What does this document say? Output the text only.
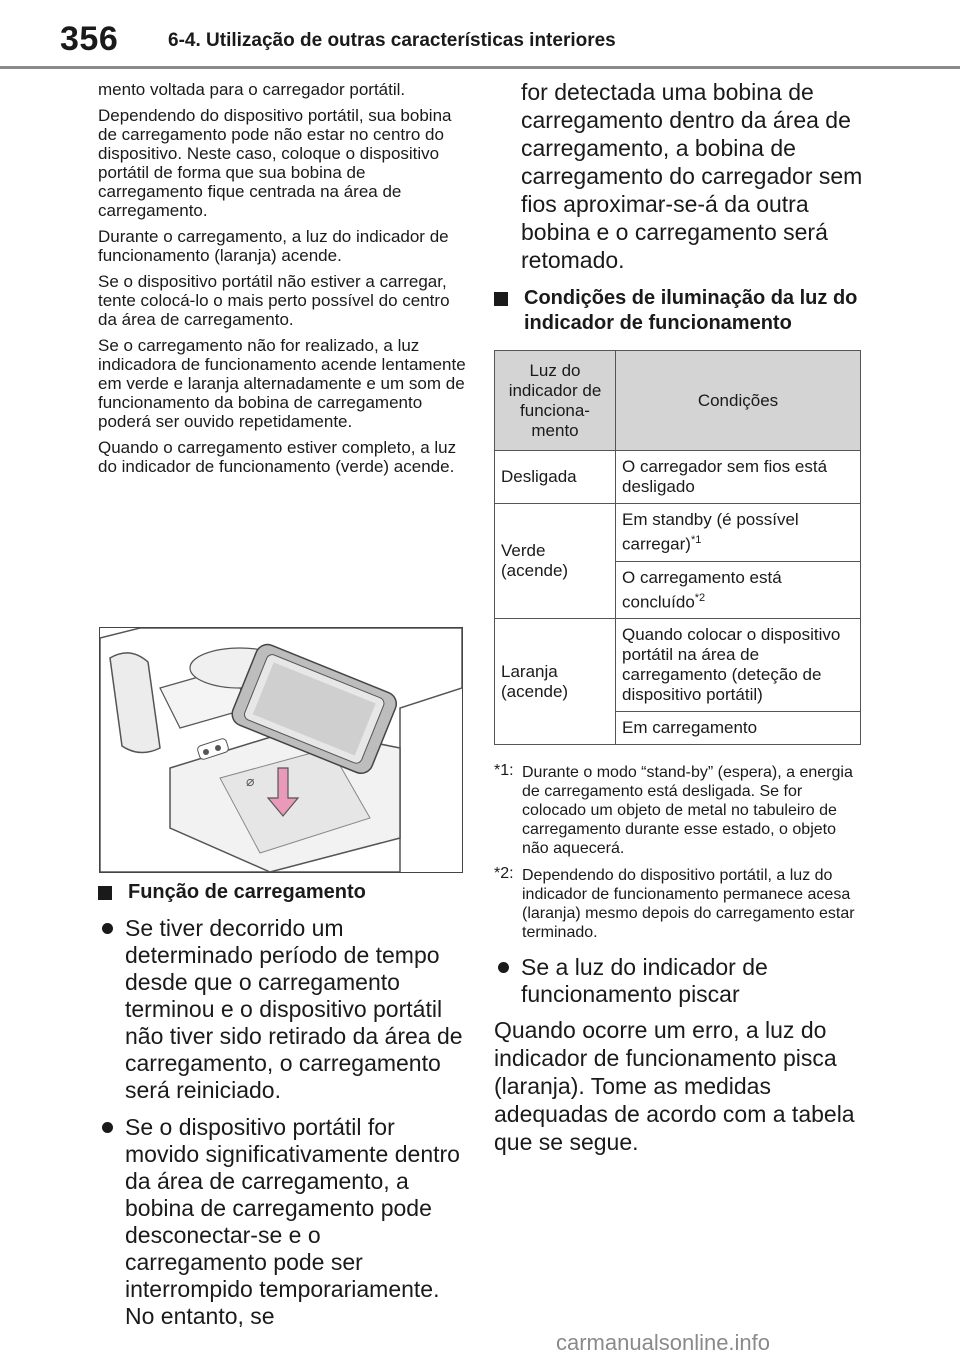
356	6-4. Utilização de outras características interiores

mento voltada para o carregador portátil.

Dependendo do dispositivo portátil, sua bobina de carregamento pode não estar no centro do dispositivo. Neste caso, coloque o dispositivo portátil de forma que sua bobina de carregamento fique centrada na área de carregamento.

Durante o carregamento, a luz do indicador de funcionamento (laranja) acende.

Se o dispositivo portátil não estiver a carregar, tente colocá-lo o mais perto possível do centro da área de carregamento.

Se o carregamento não for realizado, a luz indicadora de funcionamento acende lentamente em verde e laranja alternadamente e um som de funcionamento da bobina de carregamento poderá ser ouvido repetidamente.

Quando o carregamento estiver completo, a luz do indicador de funcionamento (verde) acende.

⌀
Função de carregamento
Se tiver decorrido um determinado período de tempo desde que o carregamento terminou e o dispositivo portátil não tiver sido retirado da área de carregamento, o carregamento será reiniciado.
Se o dispositivo portátil for movido significativamente dentro da área de carregamento, a bobina de carregamento pode desconectar-se e o carregamento pode ser interrompido temporariamente. No entanto, se
for detectada uma bobina de carregamento dentro da área de carregamento, a bobina de carregamento do carregador sem fios aproximar-se-á da outra bobina e o carregamento será retomado.
Condições de iluminação da luz do indicador de funcionamento
Luz do indicador de funciona-mento	Condições
Desligada	O carregador sem fios está desligado
Verde (acende)	Em standby (é possível carregar)$^{*1}$
	O carregamento está concluído$^{*2}$
Laranja (acende)	Quando colocar o dispositivo portátil na área de carregamento (deteção de dispositivo portátil)
	Em carregamento
*1: Durante o modo “stand-by” (espera), a energia de carregamento está desligada. Se for colocado um objeto de metal no tabuleiro de carregamento durante esse estado, o objeto não aquecerá.
*2: Dependendo do dispositivo portátil, a luz do indicador de funcionamento permanece acesa (laranja) mesmo depois do carregamento estar terminado.
Se a luz do indicador de funcionamento piscar
Quando ocorre um erro, a luz do indicador de funcionamento pisca (laranja). Tome as medidas adequadas de acordo com a tabela que se segue.
carmanualsonline.info
